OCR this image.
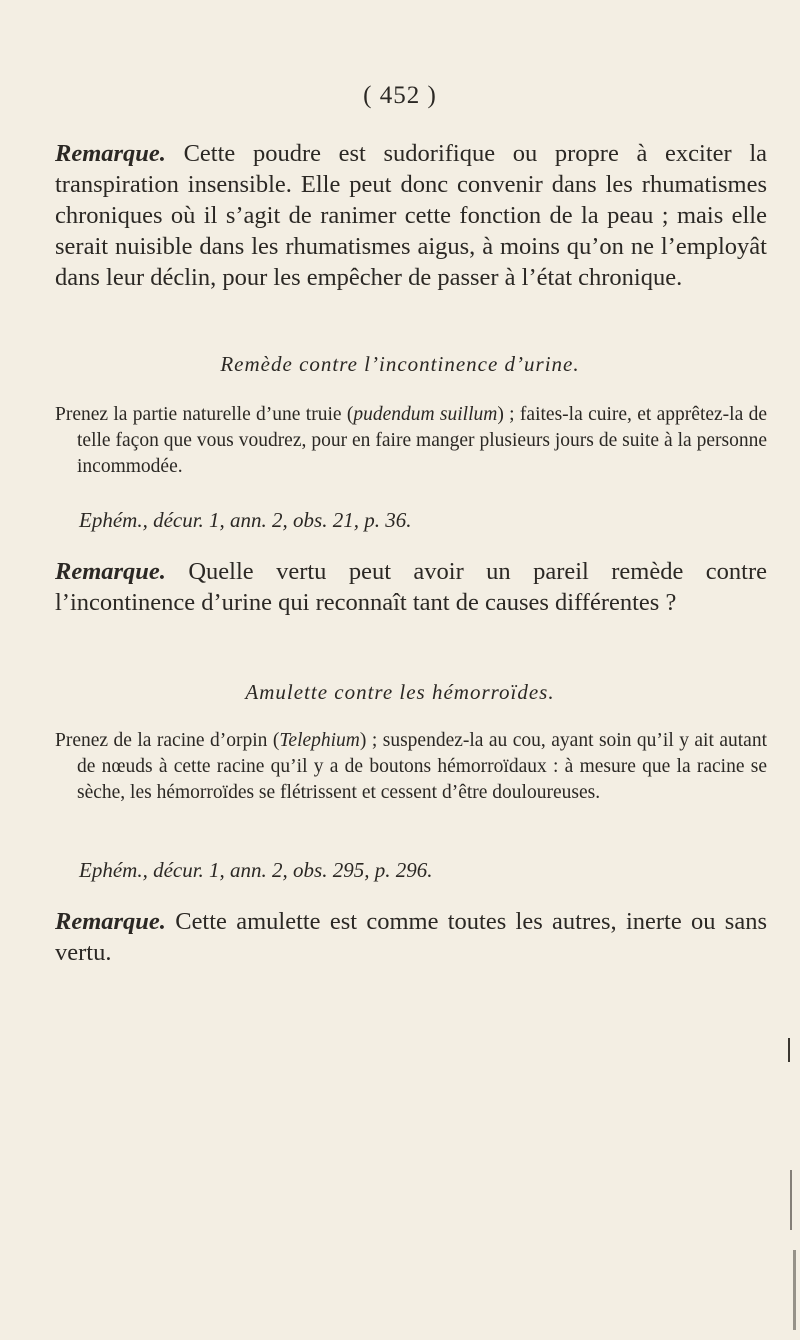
( 452 )

Remarque. Cette poudre est sudorifique ou propre à exciter la transpiration insensible. Elle peut donc convenir dans les rhumatismes chroniques où il s’agit de ranimer cette fonction de la peau ; mais elle serait nuisible dans les rhumatismes aigus, à moins qu’on ne l’employât dans leur déclin, pour les empêcher de passer à l’état chronique.

Remède contre l’incontinence d’urine.

Prenez la partie naturelle d’une truie (pudendum suillum) ; faites-la cuire, et apprêtez-la de telle façon que vous voudrez, pour en faire manger plusieurs jours de suite à la personne incommodée.

Ephém., décur. 1, ann. 2, obs. 21, p. 36.

Remarque. Quelle vertu peut avoir un pareil remède contre l’incontinence d’urine qui reconnaît tant de causes différentes ?

Amulette contre les hémorroïdes.

Prenez de la racine d’orpin (Telephium) ; suspendez-la au cou, ayant soin qu’il y ait autant de nœuds à cette racine qu’il y a de boutons hémorroïdaux : à mesure que la racine se sèche, les hémorroïdes se flétrissent et cessent d’être douloureuses.

Ephém., décur. 1, ann. 2, obs. 295, p. 296.

Remarque. Cette amulette est comme toutes les autres, inerte ou sans vertu.
